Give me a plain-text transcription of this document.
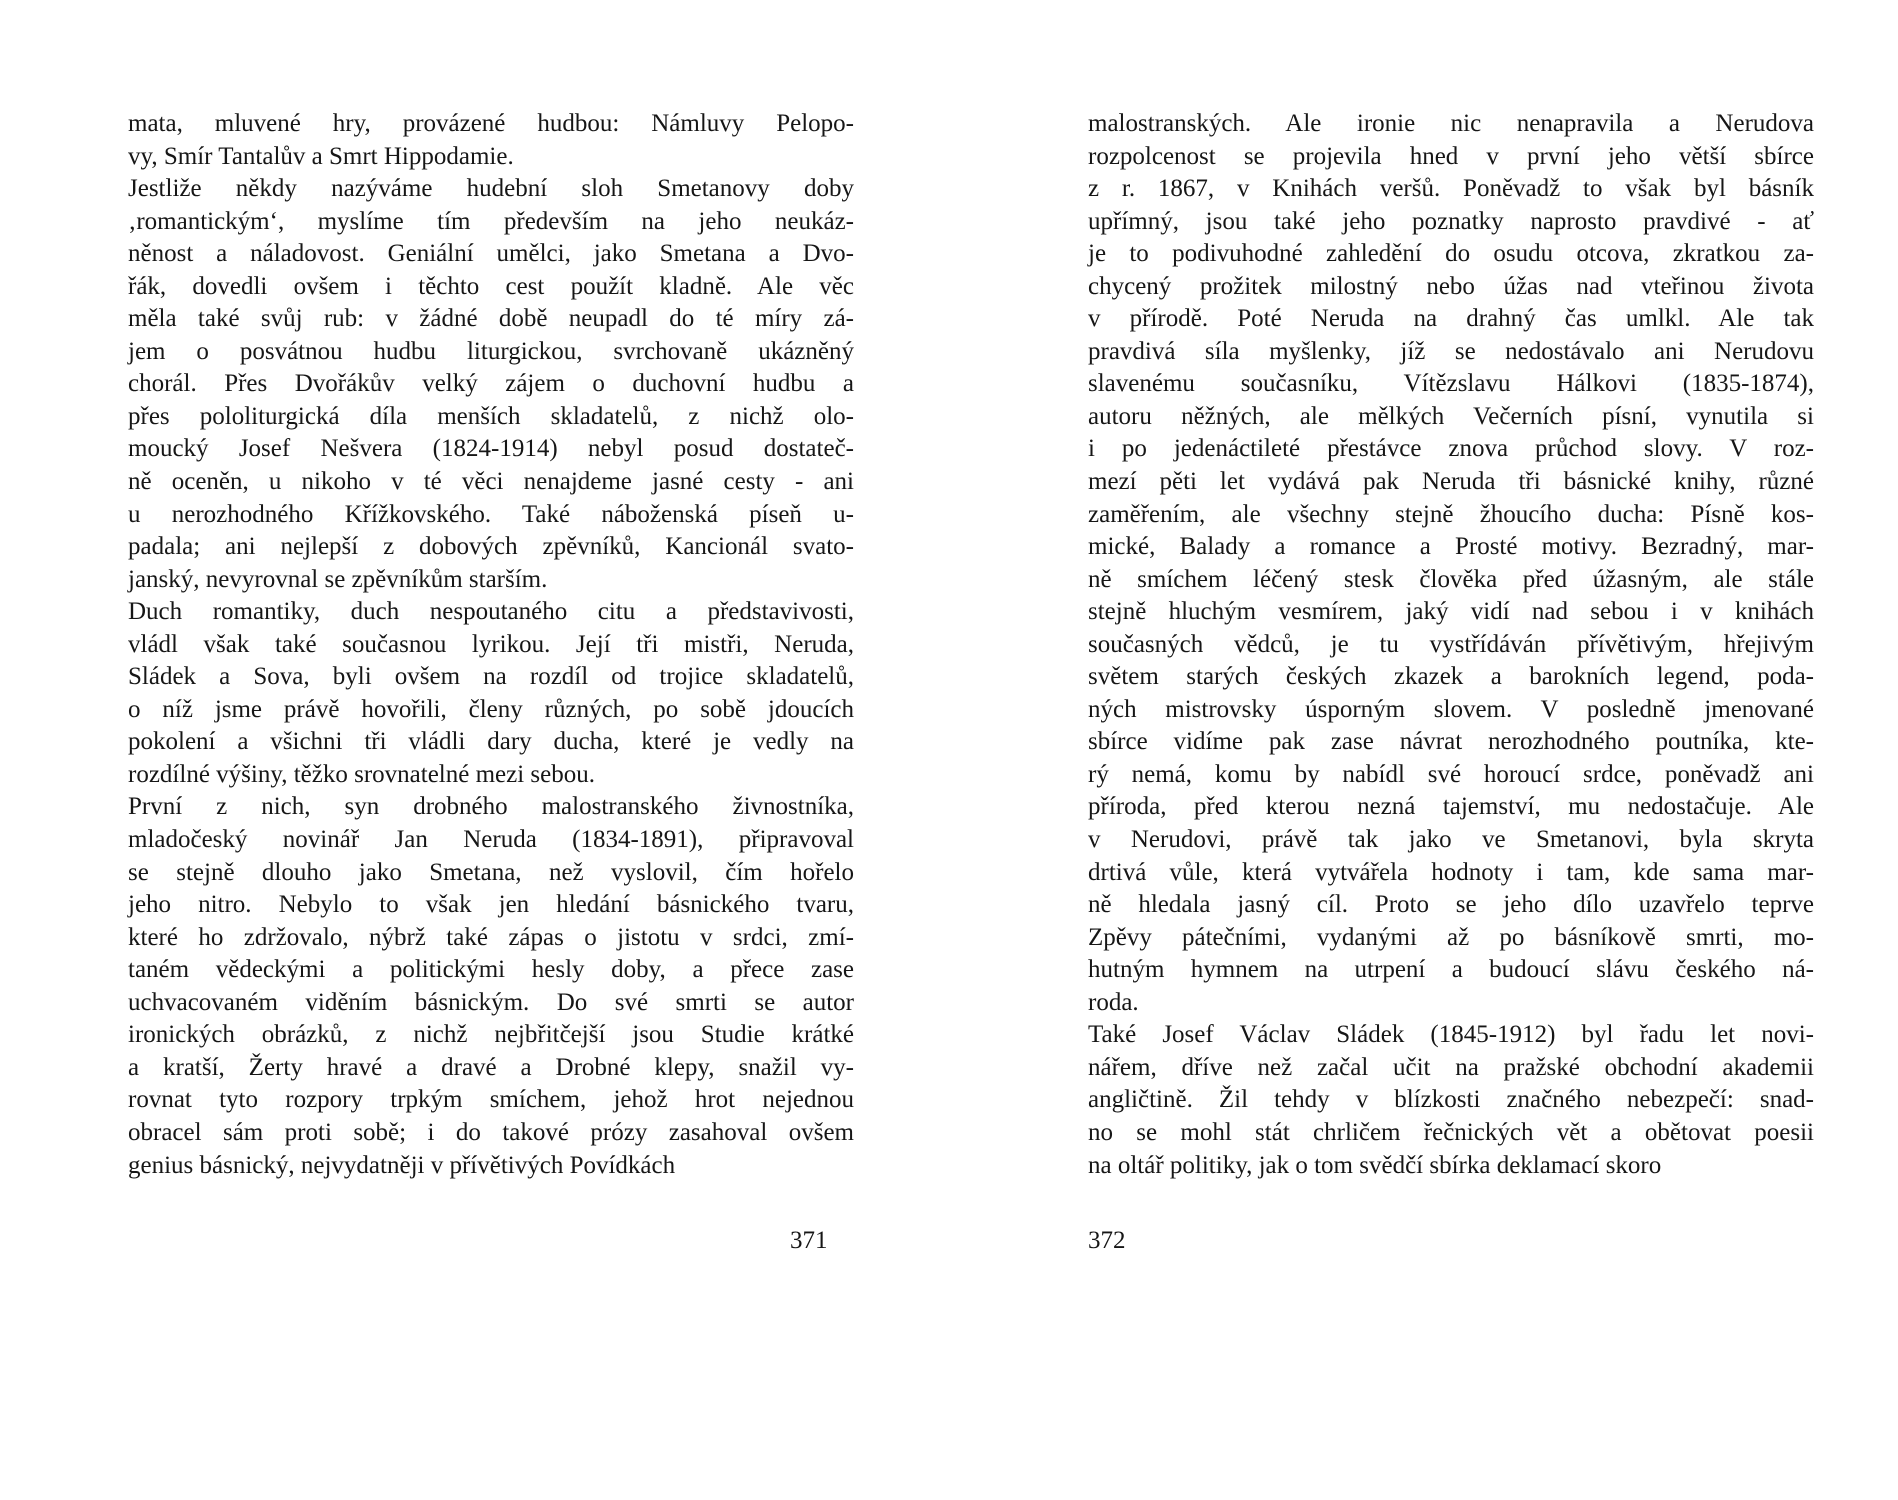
mata, mluvené hry, provázené hudbou: Námluvy Pelopo-
vy, Smír Tantalův a Smrt Hippodamie.
Jestliže někdy nazýváme hudební sloh Smetanovy doby
‚romantickým‘, myslíme tím především na jeho neukáz-
něnost a náladovost. Geniální umělci, jako Smetana a Dvo-
řák, dovedli ovšem i těchto cest použít kladně. Ale věc
měla také svůj rub: v žádné době neupadl do té míry zá-
jem o posvátnou hudbu liturgickou, svrchovaně ukázněný
chorál. Přes Dvořákův velký zájem o duchovní hudbu a
přes pololiturgická díla menších skladatelů, z nichž olo-
moucký Josef Nešvera (1824-1914) nebyl posud dostateč-
ně oceněn, u nikoho v té věci nenajdeme jasné cesty - ani
u nerozhodného Křížkovského. Také náboženská píseň u-
padala; ani nejlepší z dobových zpěvníků, Kancionál svato-
janský, nevyrovnal se zpěvníkům starším.
Duch romantiky, duch nespoutaného citu a představivosti,
vládl však také současnou lyrikou. Její tři mistři, Neruda,
Sládek a Sova, byli ovšem na rozdíl od trojice skladatelů,
o níž jsme právě hovořili, členy různých, po sobě jdoucích
pokolení a všichni tři vládli dary ducha, které je vedly na
rozdílné výšiny, těžko srovnatelné mezi sebou.
První z nich, syn drobného malostranského živnostníka,
mladočeský novinář Jan Neruda (1834-1891), připravoval
se stejně dlouho jako Smetana, než vyslovil, čím hořelo
jeho nitro. Nebylo to však jen hledání básnického tvaru,
které ho zdržovalo, nýbrž také zápas o jistotu v srdci, zmí-
taném vědeckými a politickými hesly doby, a přece zase
uchvacovaném viděním básnickým. Do své smrti se autor
ironických obrázků, z nichž nejbřitčejší jsou Studie krátké
a kratší, Žerty hravé a dravé a Drobné klepy, snažil vy-
rovnat tyto rozpory trpkým smíchem, jehož hrot nejednou
obracel sám proti sobě; i do takové prózy zasahoval ovšem
genius básnický, nejvydatněji v přívětivých Povídkách
malostranských. Ale ironie nic nenapravila a Nerudova
rozpolcenost se projevila hned v první jeho větší sbírce
z r. 1867, v Knihách veršů. Poněvadž to však byl básník
upřímný, jsou také jeho poznatky naprosto pravdivé - ať
je to podivuhodné zahledění do osudu otcova, zkratkou za-
chycený prožitek milostný nebo úžas nad vteřinou života
v přírodě. Poté Neruda na drahný čas umlkl. Ale tak
pravdivá síla myšlenky, jíž se nedostávalo ani Nerudovu
slavenému současníku, Vítězslavu Hálkovi (1835-1874),
autoru něžných, ale mělkých Večerních písní, vynutila si
i po jedenáctileté přestávce znova průchod slovy. V roz-
mezí pěti let vydává pak Neruda tři básnické knihy, různé
zaměřením, ale všechny stejně žhoucího ducha: Písně kos-
mické, Balady a romance a Prosté motivy. Bezradný, mar-
ně smíchem léčený stesk člověka před úžasným, ale stále
stejně hluchým vesmírem, jaký vidí nad sebou i v knihách
současných vědců, je tu vystřídáván přívětivým, hřejivým
světem starých českých zkazek a barokních legend, poda-
ných mistrovsky úsporným slovem. V posledně jmenované
sbírce vidíme pak zase návrat nerozhodného poutníka, kte-
rý nemá, komu by nabídl své horoucí srdce, poněvadž ani
příroda, před kterou nezná tajemství, mu nedostačuje. Ale
v Nerudovi, právě tak jako ve Smetanovi, byla skryta
drtivá vůle, která vytvářela hodnoty i tam, kde sama mar-
ně hledala jasný cíl. Proto se jeho dílo uzavřelo teprve
Zpěvy pátečními, vydanými až po básníkově smrti, mo-
hutným hymnem na utrpení a budoucí slávu českého ná-
roda.
Také Josef Václav Sládek (1845-1912) byl řadu let novi-
nářem, dříve než začal učit na pražské obchodní akademii
angličtině. Žil tehdy v blízkosti značného nebezpečí: snad-
no se mohl stát chrličem řečnických vět a obětovat poesii
na oltář politiky, jak o tom svědčí sbírka deklamací skoro
371	372
